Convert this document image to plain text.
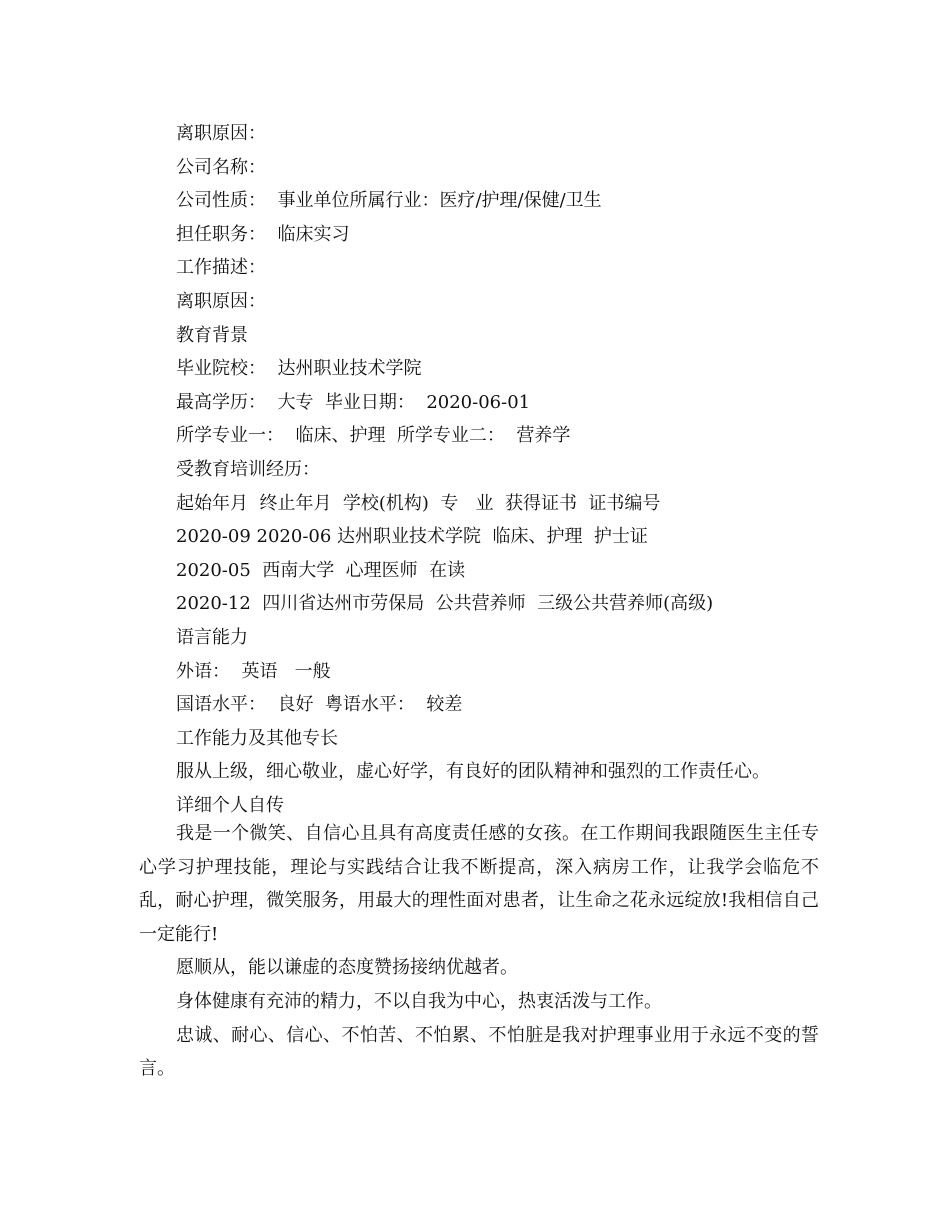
离职原因：
公司名称：
公司性质：  事业单位所属行业：医疗/护理/保健/卫生
担任职务：  临床实习
工作描述：
离职原因：
教育背景
毕业院校：  达州职业技术学院
最高学历：  大专  毕业日期：  2020-06-01
所学专业一：  临床、护理  所学专业二：  营养学
受教育培训经历：
起始年月  终止年月  学校(机构)  专   业  获得证书  证书编号
2020-09 2020-06 达州职业技术学院  临床、护理  护士证
2020-05  西南大学  心理医师  在读
2020-12  四川省达州市劳保局  公共营养师  三级公共营养师(高级)
语言能力
外语：  英语   一般
国语水平：  良好  粤语水平：  较差
工作能力及其他专长
服从上级，细心敬业，虚心好学，有良好的团队精神和强烈的工作责任心。
详细个人自传
我是一个微笑、自信心且具有高度责任感的女孩。在工作期间我跟随医生主任专心学习护理技能，理论与实践结合让我不断提高，深入病房工作，让我学会临危不乱，耐心护理，微笑服务，用最大的理性面对患者，让生命之花永远绽放!我相信自己一定能行!
愿顺从，能以谦虚的态度赞扬接纳优越者。
身体健康有充沛的精力，不以自我为中心，热衷活泼与工作。
忠诚、耐心、信心、不怕苦、不怕累、不怕脏是我对护理事业用于永远不变的誓言。
